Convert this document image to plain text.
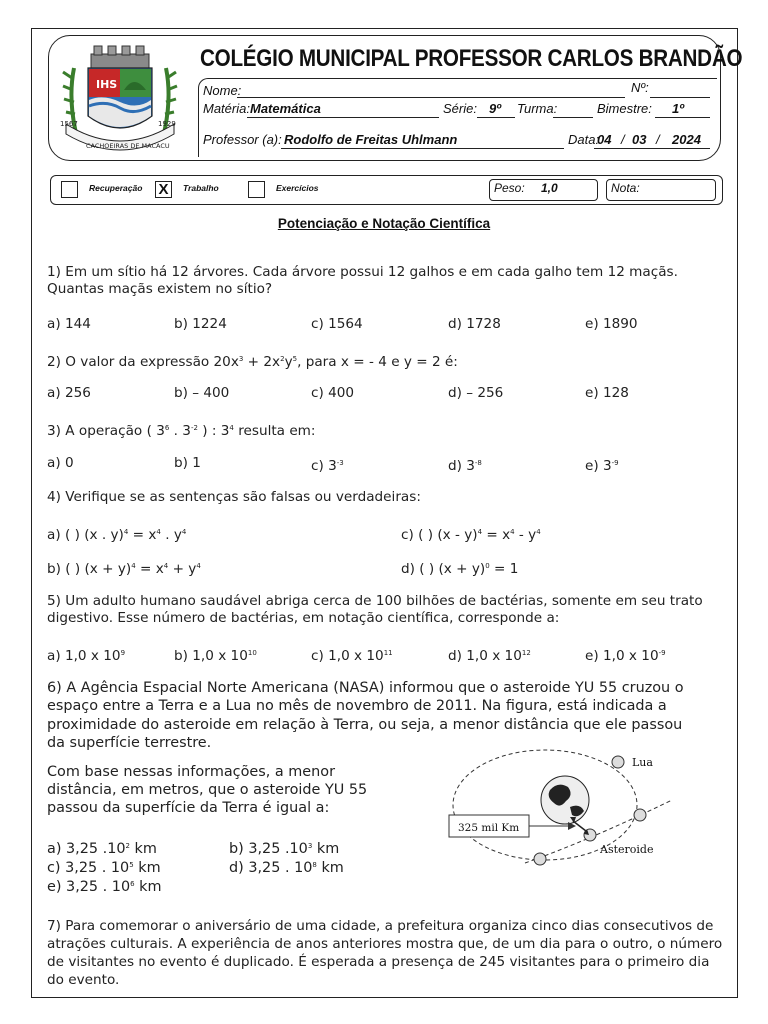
IHS
1567	1929
CACHOEIRAS DE MACACU
COLÉGIO MUNICIPAL PROFESSOR CARLOS BRANDÃO
Nome:	Nº:
Matéria: Matemática	Série: 9º Turma:	Bimestre: 1º
Professor (a): Rodolfo de Freitas Uhlmann	Data:
04 / 03 / 2024
Recuperação X	Trabalho	Exercícios	Peso: 1,0	Nota:
Potenciação e Notação Científica
1) Em um sítio há 12 árvores. Cada árvore possui 12 galhos e em cada galho tem 12 maçãs.
Quantas maçãs existem no sítio?
a) 144	b) 1224	c) 1564	d) 1728	e) 1890
2) O valor da expressão $20x^3 + 2x^2y^5$, para x = - 4 e y = 2 é:
a) 256	b) – 400	c) 400	d) – 256	e) 128
3) A operação ( $3^6$ . $3^{-2}$ ) : $3^4$ resulta em:
a) 0	b) 1	c) $3^{-3}$	d) $3^{-8}$	e) $3^{-9}$
4) Verifique se as sentenças são falsas ou verdadeiras:
a) ( ) (x . $y)^4 = x^4$ . $y^4$	c) ( ) $(x - y)^4 = x^4 - y^4$
b) ( ) $(x + y)^4 = x^4 + y^4$	d) ( ) $(x + y)^0 = 1$
5) Um adulto humano saudável abriga cerca de 100 bilhões de bactérias, somente em seu trato
digestivo. Esse número de bactérias, em notação científica, corresponde a:
a) 1,0 x $10^9$	b) 1,0 x $10^{10}$	c) 1,0 x $10^{11}$	d) 1,0 x $10^{12}$	e) 1,0 x $10^{-9}$
6) A Agência Espacial Norte Americana (NASA) informou que o asteroide YU 55 cruzou o
espaço entre a Terra e a Lua no mês de novembro de 2011. Na figura, está indicada a
proximidade do asteroide em relação à Terra, ou seja, a menor distância que ele passou
da superfície terrestre.
Com base nessas informações, a menor
distância, em metros, que o asteroide YU 55
passou da superfície da Terra é igual a:
a) 3,25 $.10^2$ km	b) 3,25 $.10^3$ km
c) 3,25 . $10^5$ km	d) 3,25 . $10^8$ km
e) 3,25 . $10^6$ km
325 mil Km
Lua
Asteroide
7) Para comemorar o aniversário de uma cidade, a prefeitura organiza cinco dias consecutivos de
atrações culturais. A experiência de anos anteriores mostra que, de um dia para o outro, o número
de visitantes no evento é duplicado. É esperada a presença de 245 visitantes para o primeiro dia
do evento.
